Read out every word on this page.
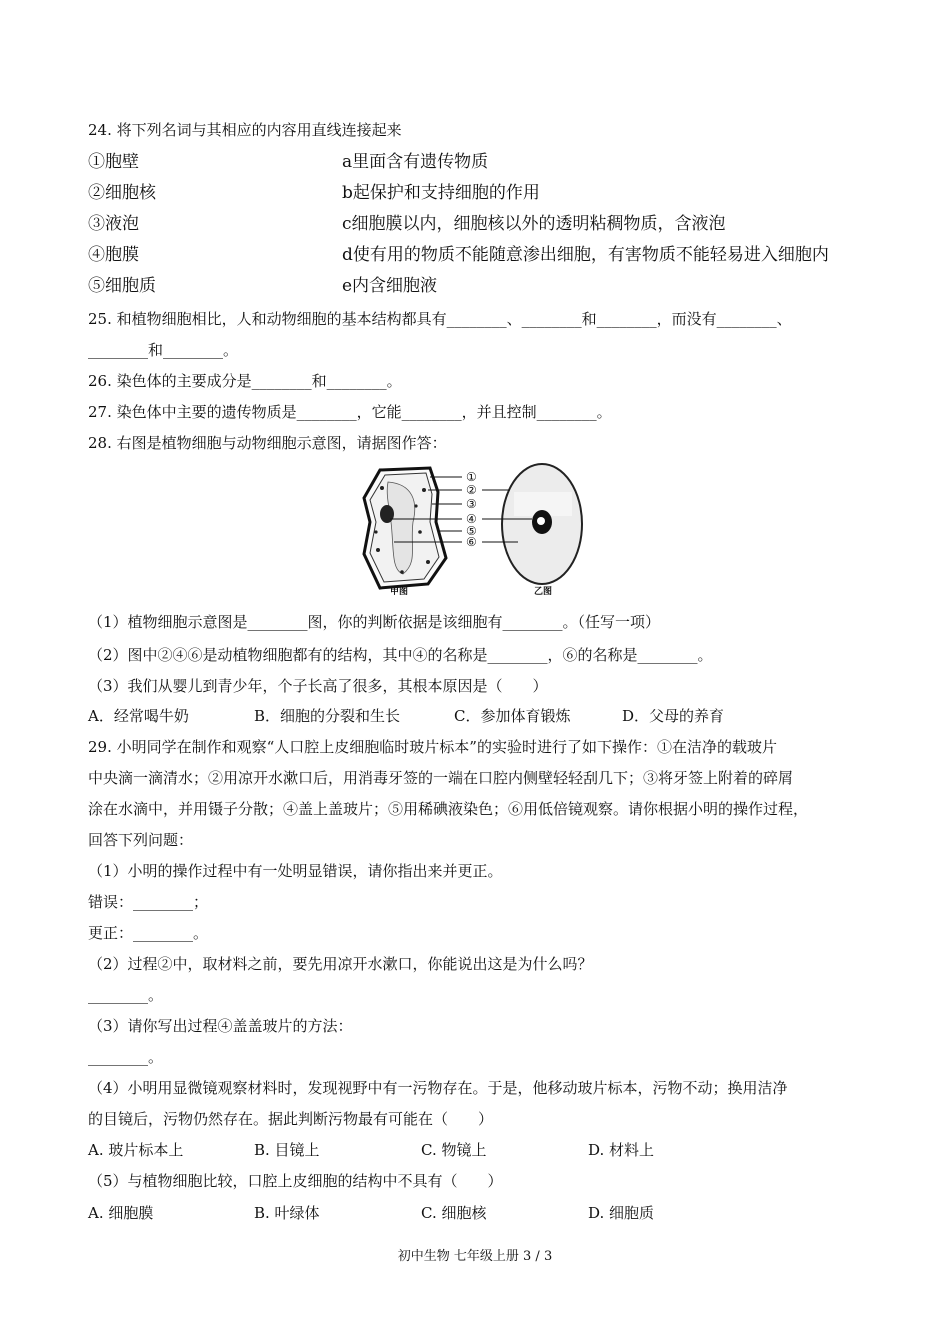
24. 将下列名词与其相应的内容用直线连接起来
①胞壁	a里面含有遗传物质
②细胞核	b起保护和支持细胞的作用
③液泡	c细胞膜以内，细胞核以外的透明粘稠物质，含液泡
④胞膜	d使有用的物质不能随意渗出细胞，有害物质不能轻易进入细胞内
⑤细胞质	e内含细胞液
25. 和植物细胞相比，人和动物细胞的基本结构都具有________、________和________，而没有________、
________和________。
26. 染色体的主要成分是________和________。
27. 染色体中主要的遗传物质是________，它能________，并且控制________。
28. 右图是植物细胞与动物细胞示意图，请据图作答：
①
②
③
④
⑤
⑥
甲图	乙图
（1）植物细胞示意图是________图，你的判断依据是该细胞有________。（任写一项）
（2）图中②④⑥是动植物细胞都有的结构，其中④的名称是________，⑥的名称是________。
（3）我们从婴儿到青少年，个子长高了很多，其根本原因是（　　）
A．经常喝牛奶	B．细胞的分裂和生长	C．参加体育锻炼	D．父母的养育
29. 小明同学在制作和观察“人口腔上皮细胞临时玻片标本”的实验时进行了如下操作：①在洁净的载玻片
中央滴一滴清水；②用凉开水漱口后，用消毒牙签的一端在口腔内侧壁轻轻刮几下；③将牙签上附着的碎屑
涂在水滴中，并用镊子分散；④盖上盖玻片；⑤用稀碘液染色；⑥用低倍镜观察。请你根据小明的操作过程，
回答下列问题：
（1）小明的操作过程中有一处明显错误，请你指出来并更正。
错误：________；
更正：________。
（2）过程②中，取材料之前，要先用凉开水漱口，你能说出这是为什么吗？
________。
（3）请你写出过程④盖盖玻片的方法：
________。
（4）小明用显微镜观察材料时，发现视野中有一污物存在。于是，他移动玻片标本，污物不动；换用洁净
的目镜后，污物仍然存在。据此判断污物最有可能在（　　）
A. 玻片标本上	B. 目镜上	C. 物镜上	D. 材料上
（5）与植物细胞比较，口腔上皮细胞的结构中不具有（　　）
A. 细胞膜	B. 叶绿体	C. 细胞核	D. 细胞质
初中生物 七年级上册 3 / 3
